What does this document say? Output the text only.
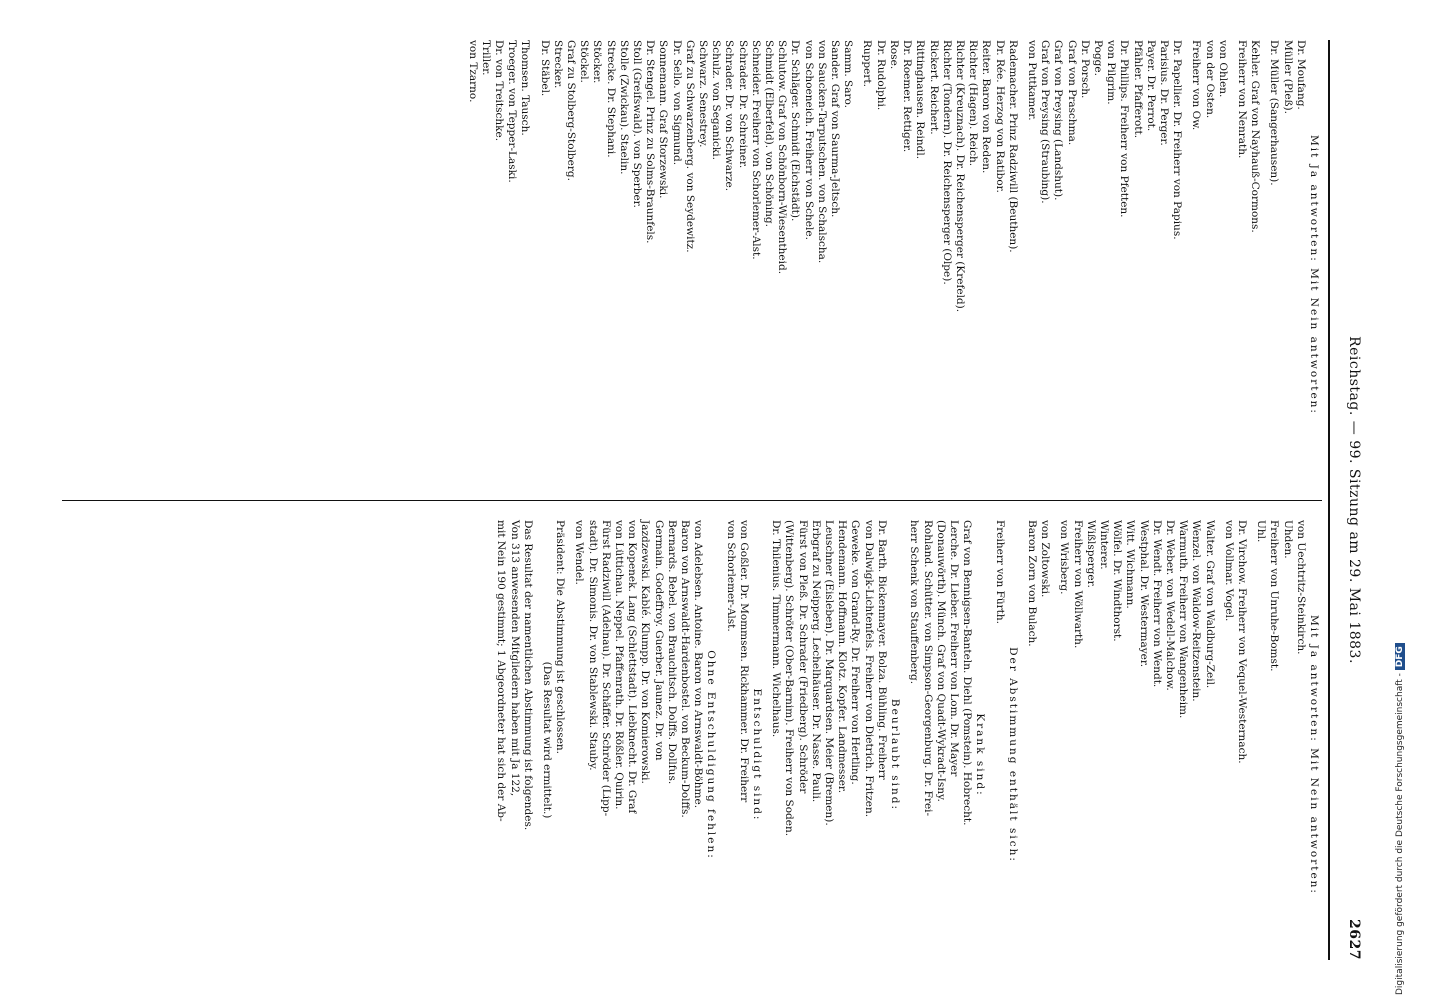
Reichstag. — 99. Sitzung am 29. Mai 1883.
2627
Mit Ja antworten: Mit Nein antworten:
Dr. Moufang.
Müller (Pleß).
Dr. Müller (Sangerhausen).
Kehler. Graf von Nayhauß-Cormons.
Freiherr von Nenrath.
von Ohlen.
von der Osten.
Freiherr von Ow.
Dr. Papellier. Dr. Freiherr von Papius.
Parisius. Dr. Perger.
Payer. Dr. Perrot.
Pfähler. Pfafferott.
Dr. Phillips. Freiherr von Pfetten.
von Pilgrim.
Pogge.
Dr. Porsch.
Graf von Praschma.
Graf von Preysing (Landshut).
Graf von Preysing (Straubing).
von Puttkamer.
Rademacher. Prinz Radziwill (Beuthen).
Dr. Rée. Herzog von Ratibor.
Reiter. Baron von Reden.
Richter (Hagen). Reich.
Richter (Kreuznach). Dr. Reichensperger (Krefeld).
Richter (Tondern). Dr. Reichensperger (Olpe).
Rickert. Reichert.
Rittinghausen. Reindl.
Dr. Roemer. Rettiger.
Rose.
Dr. Rudolphi.
Ruppert.
Samm. Saro.
Sander. Graf von Saurma-Jeltsch.
von Saucken-Tarputschen. von Schalscha.
von Schoeneich. Freiherr von Schele.
Dr. Schläger. Schmidt (Eichstädt).
Schlutow. Graf von Schönborn-Wiesentheid.
Schmidt (Elberfeld). von Schöning.
Schneider. Freiherr von Schorlemer-Alst.
Schrader. Dr. Schreiner.
Schrader. Dr. von Schwarze.
Schulz. von Seganicki.
Schwarz. Senestrey.
Graf zu Schwarzenberg. von Seydewitz.
Dr. Sello. von Sigmund.
Sonnemann. Graf Storzewski.
Dr. Stengel. Prinz zu Solms-Braunfels.
Stoll (Greifswald). von Sperber.
Stolle (Zwickau). Staelin.
Strecke. Dr. Stephani.
Stöcker.
Stöckel.
Graf zu Stolberg-Stolberg.
Strecker.
Dr. Stäbel.
Thomsen. Tausch.
Troeger. von Tepper-Laski.
Dr. von Treitschke.
Triller.
von Tzarno.
Mit Ja antworten: Mit Nein antworten:
von Uechtritz-Steinkirch.
Uhden.
Freiherr von Unruhe-Bomst.
Uhl.
Dr. Virchow. Freiherr von Vequel-Westernach.
von Vollmar. Vogel.
Walter. Graf von Waldburg-Zeil.
Wenzel. von Waldow-Reitzenstein.
Warmuth. Freiherr von Wangenheim.
Dr. Weber. von Wedell-Malchow.
Dr. Wendt. Freiherr von Wendt.
Westphal. Dr. Westermayer.
Witt. Wichmann.
Wölfel. Dr. Windthorst.
Winterer.
Wißlsperger.
Freiherr von Wöllwarth.
von Wrisberg.
von Zoltowski.
Baron Zorn von Bulach.
Der Abstimmung enthält sich:
Freiherr von Fürth.
Krank sind:
Graf von Bennigsen-Banteln. Diehl (Pomstein). Hobrecht.
Lerche. Dr. Lieber. Freiherr von Lom. Dr. Mayer
(Donauwörth). Münch. Graf von Quadt-Wykradt-Isny.
Rohland. Schütter. von Simpson-Georgenburg. Dr. Frei-
herr Schenk von Stauffenberg.
Beurlaubt sind:
Dr. Barth. Bickenmayer. Bolza. Bühling. Freiherr
von Dalwigk-Lichtenfels. Freiherr von Dietrich. Fritzen.
Geweke. von Grand-Ry. Dr. Freiherr von Hertling.
Hendemann. Hoffmann. Klotz. Kopfer. Landmesser.
Leuschner (Eisleben). Dr. Marquardsen. Meier (Bremen).
Erbgraf zu Neipperg. Lechelhäuser. Dr. Nasse. Pauli.
Fürst von Pleß. Dr. Schrader (Friedberg). Schröder
(Wittenberg). Schröter (Ober-Barnim). Freiherr von Soden.
Dr. Thilenius. Timmermann. Wichelhaus.
Entschuldigt sind:
von Goßler. Dr. Mommsen. Rickhammer. Dr. Freiherr
von Schorlemer-Alst.
Ohne Entschuldigung fehlen:
von Adelebsen. Antoine. Baron von Arnswaldt-Böhme.
Baron von Arnswaldt-Hardenbostel. von Beckum-Dolffs.
Bernards. Bebel. von Brauchitsch. Dolffs. Dollfus.
Germain. Godeffroy. Guerber. Jaunez. Dr. von
Jazdzewski. Kablé. Klumpp. Dr. von Komierowski.
von Kopenek. Lang (Schlettstadt). Liebknecht. Dr. Graf
von Lüttichau. Neppel. Pfaffenrath. Dr. Rößler. Quirin.
Fürst Radziwill (Adelnau). Dr. Schäffer. Schröder (Lipp-
stadt). Dr. Simonis. Dr. von Stablewski. Stauby.
von Wendel.
Präsident: Die Abstimmung ist geschlossen.
(Das Resultat wird ermittelt.)
Das Resultat der namentlichen Abstimmung ist folgendes.
Von 313 anwesenden Mitgliedern haben mit Ja 122,
mit Nein 190 gestimmt; 1 Abgeordneter hat sich der Ab-
Digitalisierung gefördert durch die Deutsche Forschungsgemeinschaft - DFG
